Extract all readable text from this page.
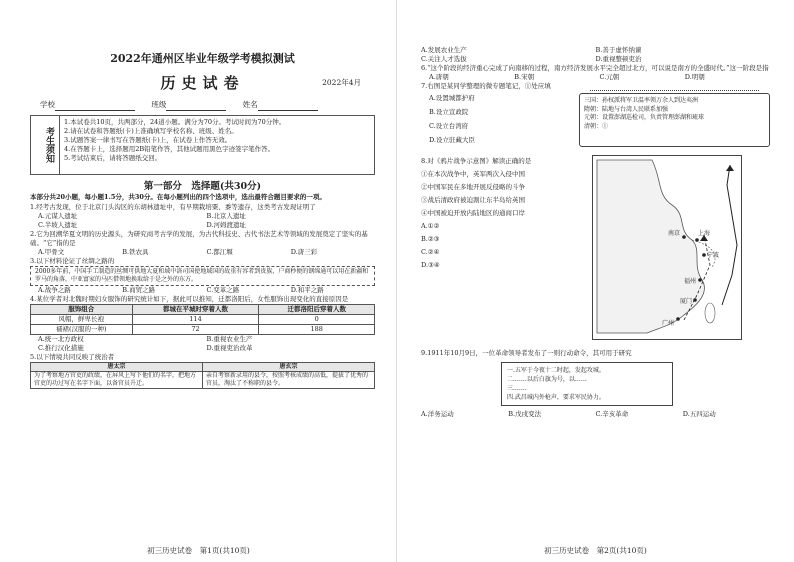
2022年通州区毕业年级学考模拟测试
历史试卷	2022年4月
学校	班级	姓名
考生须知
1.本试卷共10页，共两部分，24道小题。满分为70分。考试时间为70分钟。
2.请在试卷和答题纸(卡)上准确填写学校名称、班级、姓名。
3.试题答案一律书写在答题纸(卡)上，在试卷上作答无效。
4.在答题卡上，选择题用2B铅笔作答，其他试题用黑色字迹签字笔作答。
5.考试结束后，请将答题纸交回。
第一部分　选择题(共30分)
本部分共20小题，每小题1.5分，共30分。在每小题列出的四个选项中，选出最符合题目要求的一项。
1.经考古发现，位于北京门头沟区的东胡林遗址中，有早期栽培粟、黍等遗存，这类考古发现证明了
A.元谋人遗址	B.北京人遗址
C.半坡人遗址	D.河姆渡遗址
2.它为回溯华夏文明的历史源头，为研究商考古学的发展，为古代科技史、古代书法艺术等领域的发展奠定了坚实的基础。“它”指的是
A.甲骨文	B.铁农具	C.都江堰	D.唐三彩
3.以下材料论证了丝绸之路的
2000多年前，中国手工制造的丝绸可供地大夏和域中洛司国使地域国的故重有容者到贵族，户商秒便的钢绵通可以用在新疆和罗马的角落，中亚富家的马匹借领地换取给于是之外的东方。
A.战争之路	B.商贸之路	C.变革之路	D.和平之路
4.某位学者对北魏时期妇女服饰的研究统计如下，据此可以推知，迁都洛阳后，女性服饰出现变化的直接原因是
服饰组合	都城在平城时穿着人数	迁都洛阳后穿着人数
风帽，鲜卑长袍	114	0
襦裙(汉服的一种)	72	188
A.统一北方政权	B.重视农业生产
C.推行汉化措施	D.重视吏治改革
5.以下情境共同反映了统治者
唐太宗	唐玄宗
为了考察地方官吏的政绩，在屏风上写下他们的名字，把地方官吏的功过写在名字下面，以备官员升迁。	亲自考察新录用的县令，按照考核成绩的高低，提拔了优秀的官员，淘汰了不称职的县令。
初三历史试卷　第1页(共10页)
A.发展农业生产	B.善于虚怀纳谏
C.关注人才选拔	D.重视整顿吏治
6.“这个阶段的经济重心完成了向南移的过程，南方经济发展水平完全超过北方，可以说是南方的全盛时代。”这一阶段是指
A.唐朝	B.宋朝	C.元朝	D.明朝
7.右图是某同学整理的微专题笔记，①处应填
A.设置城都护府
B.设立宣政院
C.设立台湾府
D.设立驻藏大臣
三国：孙权派将军卫温率领万余人到达夷洲
隋朝：陆地与台湾人民联系加强
元朝：设置澎湖巡检司，负责管理澎湖和琉球
清朝：①
8.对《鸦片战争示意图》解读正确的是
①在本次战争中，英军两次入侵中国
②中国军民在多地开展反侵略的斗争
③战后清政府被迫割让东半岛给英国
④中国被迫开放内陆地区的通商口岸
A.①②
B.②③
C.②④
D.③④
广州
厦门
福州
宁波
上海
南京
9.1911年10月9日，一位革命领导者发布了一则行动命令，其可用于研究
一.五军于今夜十二时起，发起攻城。
二.……以后白旗为号，以……
三.……
四.武昌城内外枪声，要求军民协力。
A.洋务运动	B.戊戌变法	C.辛亥革命	D.五四运动
初三历史试卷　第2页(共10页)
